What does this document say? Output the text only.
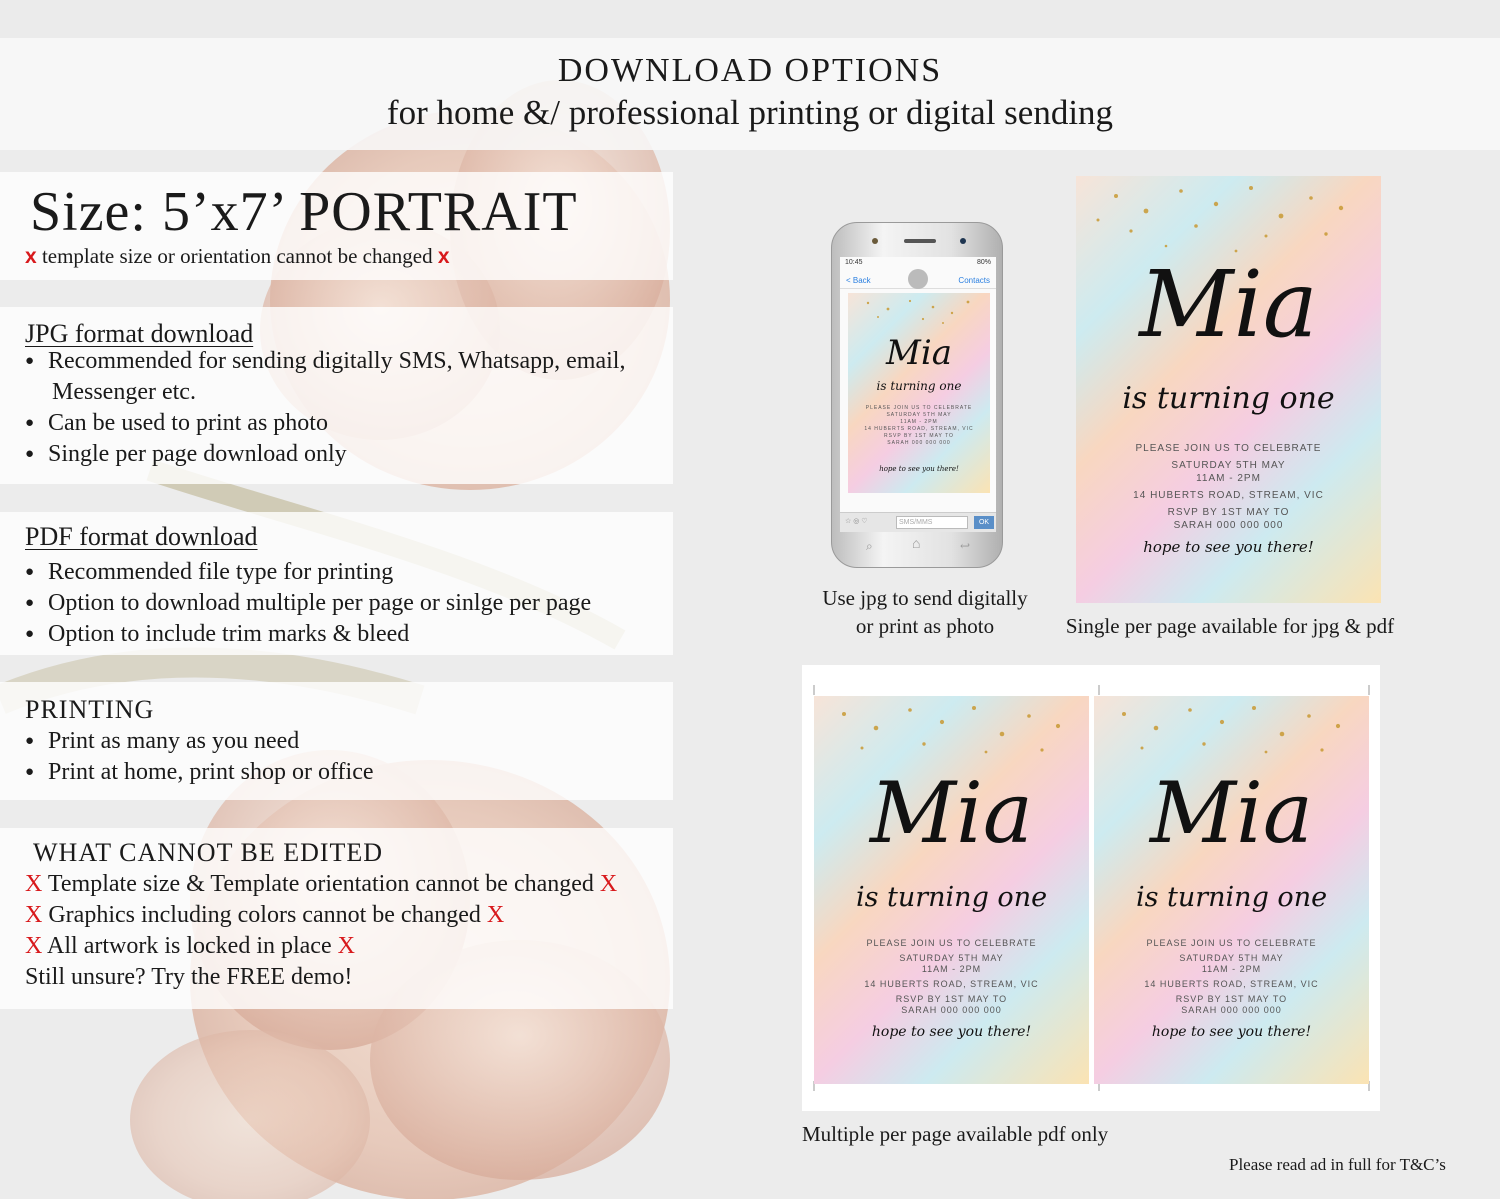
DOWNLOAD OPTIONS
for home &/ professional printing or digital sending
Size: 5’x7’ PORTRAIT
x template size or orientation cannot be changed x
JPG format download
● Recommended for sending digitally SMS, Whatsapp, email,
Messenger etc.
● Can be used to print as photo
● Single per page download only
PDF format download
● Recommended file type for printing
● Option to download multiple per page or sinlge per page
● Option to include trim marks & bleed
PRINTING
● Print as many as you need
● Print at home, print shop or office
WHAT CANNOT BE EDITED
X Template size & Template orientation cannot be changed X
X Graphics including colors cannot be changed X
X All artwork is locked in place X
Still unsure? Try the FREE demo!
10:45	80%
< Back	Contacts
Mia
is turning one
PLEASE JOIN US TO CELEBRATE
SATURDAY 5TH MAY
11AM - 2PM
14 HUBERTS ROAD, STREAM, VIC
RSVP BY 1ST MAY TO
SARAH 000 000 000
hope to see you there!
☆ ◎ ♡	SMS/MMS	OK
⌕	⌂	↩
Mia
is turning one
PLEASE JOIN US TO CELEBRATE
SATURDAY 5TH MAY
11AM - 2PM
14 HUBERTS ROAD, STREAM, VIC
RSVP BY 1ST MAY TO
SARAH 000 000 000
hope to see you there!
Use jpg to send digitally
or print as photo	Single per page available for jpg & pdf
Mia
is turning one
PLEASE JOIN US TO CELEBRATE
SATURDAY 5TH MAY
11AM - 2PM
14 HUBERTS ROAD, STREAM, VIC
RSVP BY 1ST MAY TO
SARAH 000 000 000
hope to see you there!
Mia
is turning one
PLEASE JOIN US TO CELEBRATE
SATURDAY 5TH MAY
11AM - 2PM
14 HUBERTS ROAD, STREAM, VIC
RSVP BY 1ST MAY TO
SARAH 000 000 000
hope to see you there!
Multiple per page available pdf only
Please read ad in full for T&C’s
